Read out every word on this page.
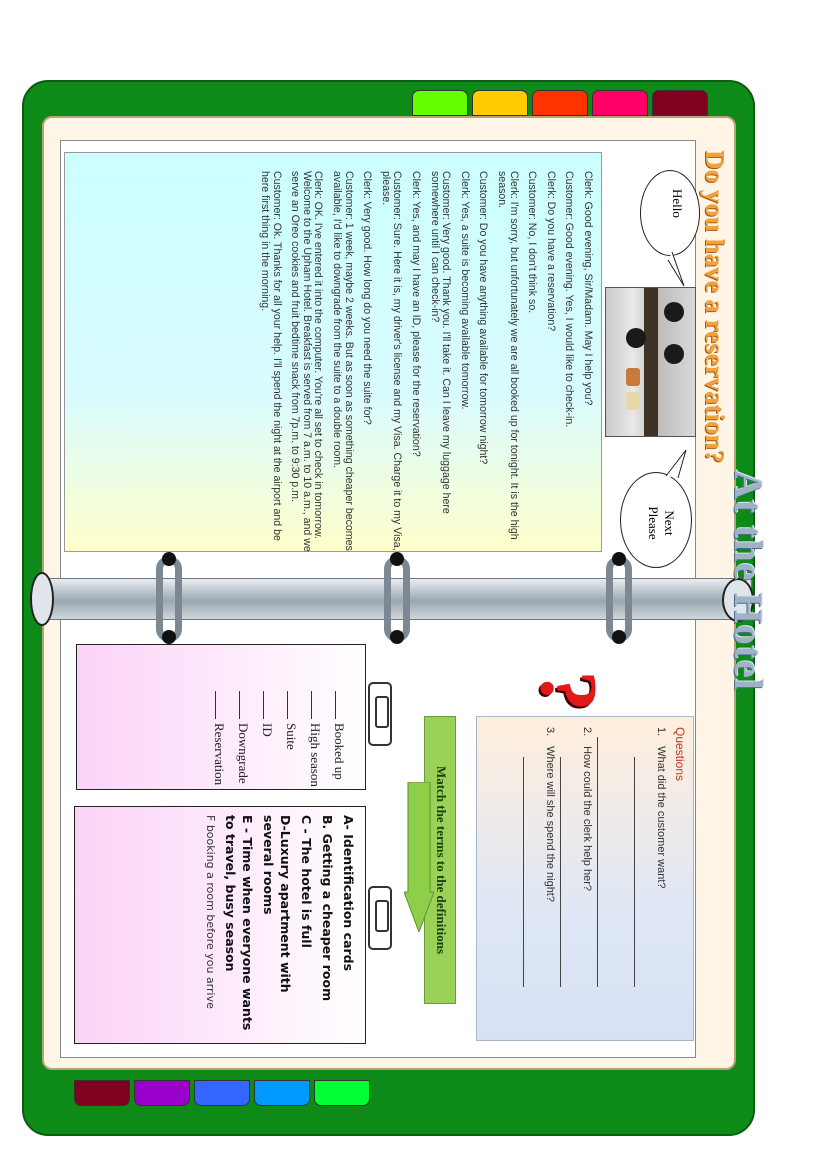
At the Hotel
Do you have a reservation?

Clerk: Good evening, Sir/Madam. May I help you?

Customer: Good evening. Yes, I would like to check-in.

Clerk: Do you have a reservation?

Customer: No, I don't think so.

Clerk: I'm sorry, but unfortunately we are all booked up for tonight. It is the high season.

Customer: Do you have anything available for tomorrow night?

Clerk: Yes, a suite is becoming available tomorrow.

Customer: Very good. Thank you. I'll take it. Can I leave my luggage here somewhere until I can check-in?

Clerk: Yes, and may I have an ID, please for the reservation?

Customer: Sure. Here it is, my driver's license and my Visa. Charge it to my Visa, please.

Clerk: Very good. How long do you need the suite for?

Customer: 1 week, maybe 2 weeks. But as soon as something cheaper becomes available, I'd like to downgrade from the suite to a double room.

Clerk: OK. I've entered it into the computer. You're all set to check in tomorrow. Welcome to the Upham Hotel. Breakfast is served from 7 a.m. to 10 a.m., and we serve an Oreo cookies and fruit bedtime snack from 7p.m. to 9:30 p.m.

Customer: Ok. Thanks for all your help. I'll spend the night at the airport and be here first thing in the morning.	Hello
Next Please
Questions
1. What did the customer want?
2. How could the clerk help her?
3. Where will she spend the night?
?
Match the terms to the definitions
Booked up
High season
Suite
ID
Downgrade
Reservation
A- Identification cards
B. Getting a cheaper room
C - The hotel is full
D-Luxury apartment with several rooms
E - Time when everyone wants to travel, busy season
F booking a room before you arrive
